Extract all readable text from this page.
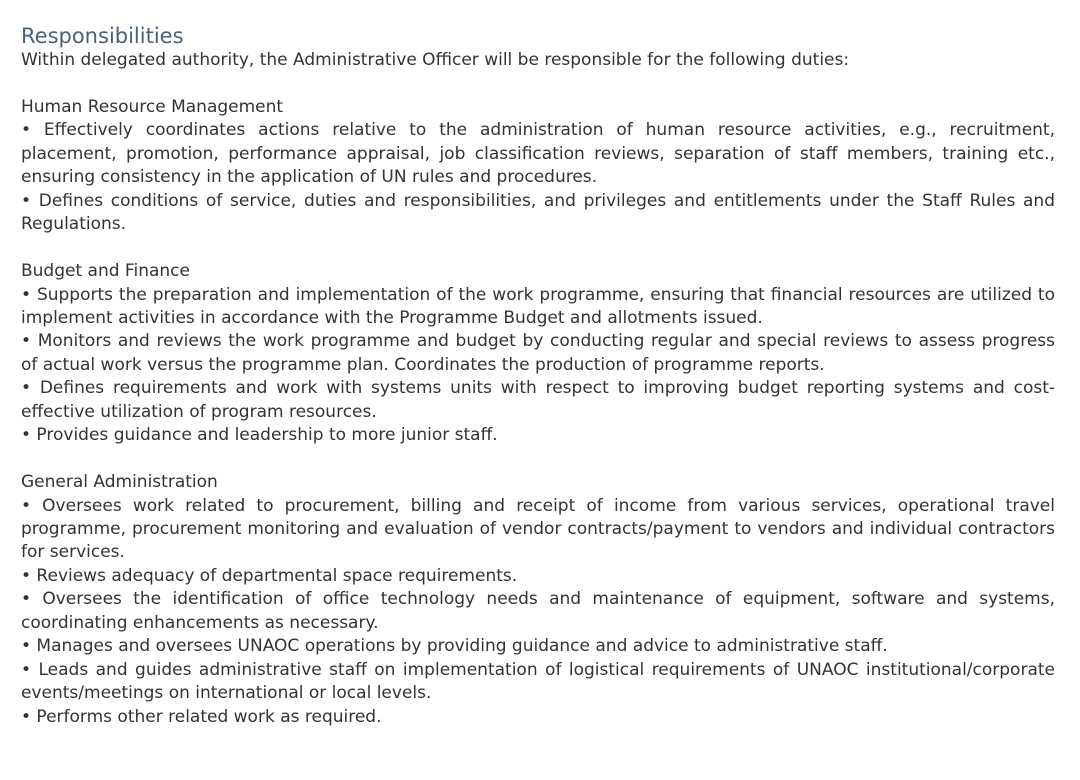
Responsibilities

Within delegated authority, the Administrative Officer will be responsible for the following duties:

Human Resource Management

• Effectively coordinates actions relative to the administration of human resource activities, e.g., recruitment, placement, promotion, performance appraisal, job classification reviews, separation of staff members, training etc., ensuring consistency in the application of UN rules and procedures.

• Defines conditions of service, duties and responsibilities, and privileges and entitlements under the Staff Rules and Regulations.

Budget and Finance

• Supports the preparation and implementation of the work programme, ensuring that financial resources are utilized to implement activities in accordance with the Programme Budget and allotments issued.

• Monitors and reviews the work programme and budget by conducting regular and special reviews to assess progress of actual work versus the programme plan. Coordinates the production of programme reports.

• Defines requirements and work with systems units with respect to improving budget reporting systems and cost-effective utilization of program resources.

• Provides guidance and leadership to more junior staff.

General Administration

• Oversees work related to procurement, billing and receipt of income from various services, operational travel programme, procurement monitoring and evaluation of vendor contracts/payment to vendors and individual contractors for services.

• Reviews adequacy of departmental space requirements.

• Oversees the identification of office technology needs and maintenance of equipment, software and systems, coordinating enhancements as necessary.

• Manages and oversees UNAOC operations by providing guidance and advice to administrative staff.

• Leads and guides administrative staff on implementation of logistical requirements of UNAOC institutional/corporate events/meetings on international or local levels.

• Performs other related work as required.
